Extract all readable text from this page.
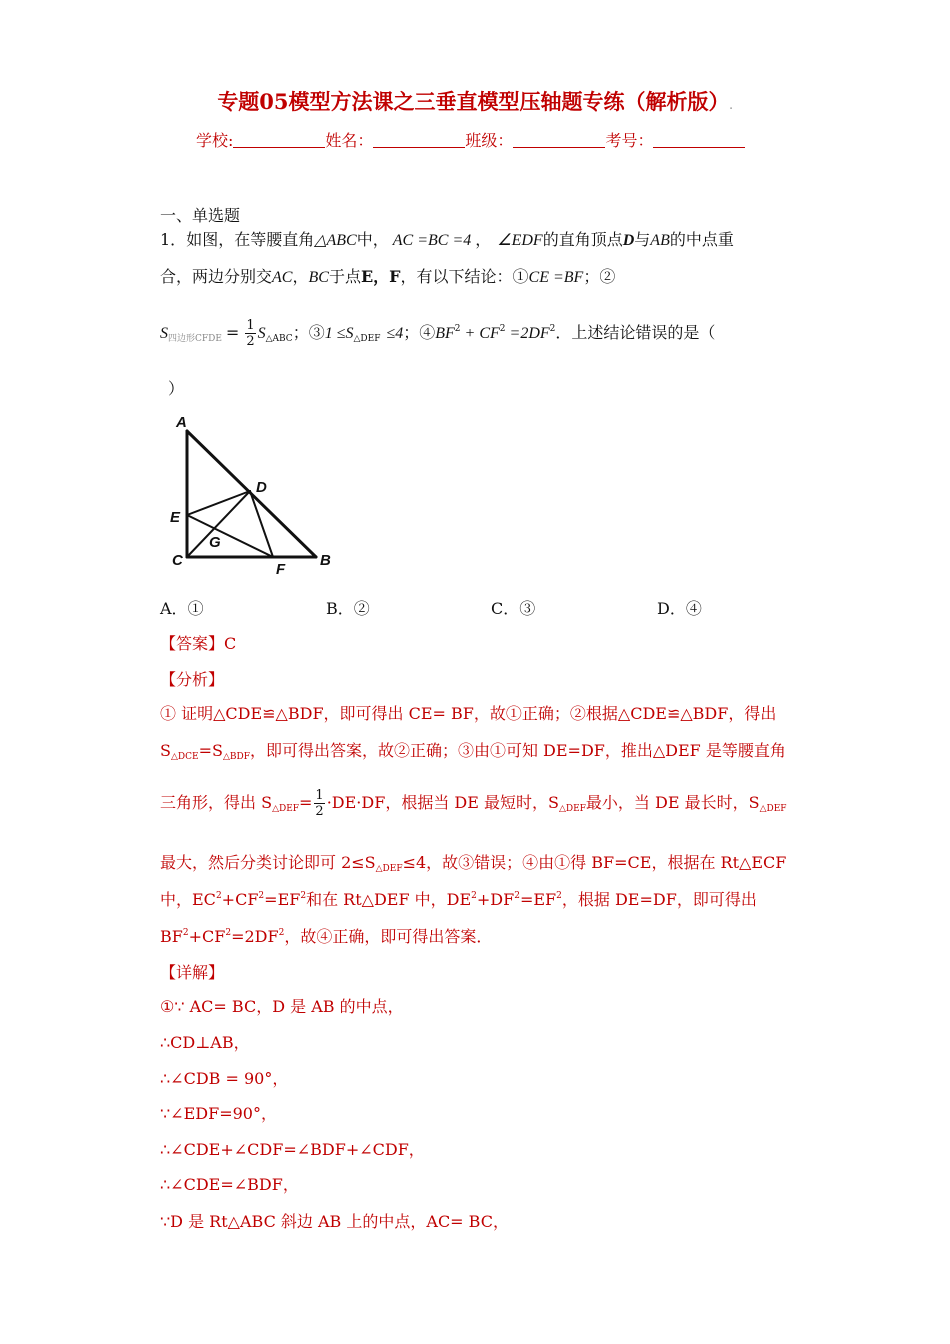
专题05模型方法课之三垂直模型压轴题专练（解析版）.
学校:	姓名：	班级：	考号：
一、单选题
1．如图，在等腰直角△ABC中， AC =BC =4 ， ∠EDF的直角顶点D与AB的中点重
合，两边分别交AC，BC于点E，F，有以下结论：①CE =BF；②
$S_{四边形CFDE} = \frac{1}{2} S_{\triangle ABC}$；③1 $\le S_{\triangle DEF} \le 4$；$④BF^2 + CF^2 =2DF^2$．上述结论错误的是（
）
A
D
E
G
C
F
B
A．①	B．②	C．③	D．④
【答案】C
【分析】
① 证明△CDE≌△BDF，即可得出 CE= BF，故①正确；②根据△CDE≌△BDF，得出
$S_{\triangle DCE}=S_{\triangle BDF}$，即可得出答案，故②正确；③由①可知 DE=DF，推出△DEF 是等腰直角
三角形，得出 $S_{\triangle DEF}= \frac{1}{2} \cdot DE\cdot DF$，根据当 DE 最短时，$S_{\triangle DEF}$最小，当 DE 最长时，$S_{\triangle DEF}$
最大，然后分类讨论即可 $2\le S_{\triangle DEF}\le 4$，故③错误；④由①得 BF=CE，根据在 Rt△ECF
中，$EC^2+CF^2=EF^2$和在 Rt△DEF 中，$DE^2+DF^2=EF^2$，根据 DE=DF，即可得出
$BF^2+CF^2=2DF^2$，故④正确，即可得出答案．
【详解】
①∵ AC= BC，D 是 AB 的中点，
∴CD⊥AB，
∴∠CDB = 90°，
∵∠EDF=90°，
∴∠CDE+∠CDF=∠BDF+∠CDF，
∴∠CDE=∠BDF，
∵D 是 Rt△ABC 斜边 AB 上的中点，AC= BC，
